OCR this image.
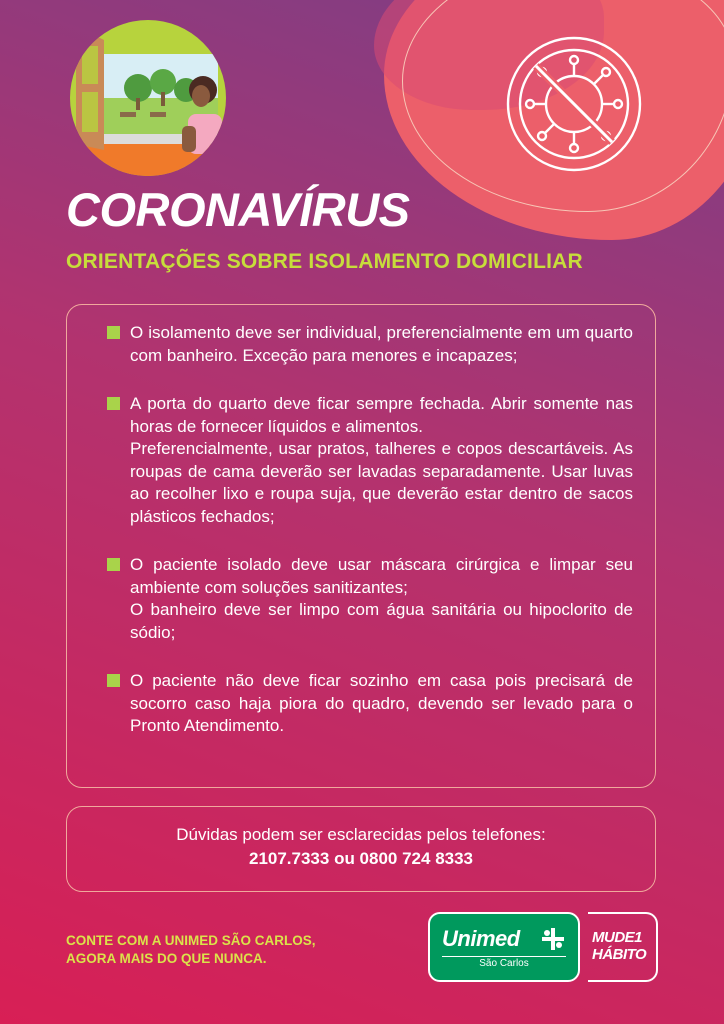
CORONAVÍRUS
ORIENTAÇÕES SOBRE ISOLAMENTO DOMICILIAR
O isolamento deve ser individual, preferencialmente em um quarto com banheiro. Exceção para menores e incapazes;
A porta do quarto deve ficar sempre fechada. Abrir somente nas horas de fornecer líquidos e alimentos.
Preferencialmente, usar pratos, talheres e copos descartáveis. As roupas de cama deverão ser lavadas separadamente. Usar luvas ao recolher lixo e roupa suja, que deverão estar dentro de sacos plásticos fechados;
O paciente isolado deve usar máscara cirúrgica e limpar seu ambiente com soluções sanitizantes;
O banheiro deve ser limpo com água sanitária ou hipoclorito de sódio;
O paciente não deve ficar sozinho em casa pois precisará de socorro caso haja piora do quadro, devendo ser levado para o Pronto Atendimento.

Dúvidas podem ser esclarecidas pelos telefones:

2107.7333 ou 0800 724 8333

CONTE COM A UNIMED SÃO CARLOS,
AGORA MAIS DO QUE NUNCA.
Unimed
São Carlos
MUDE1
HÁBITO
